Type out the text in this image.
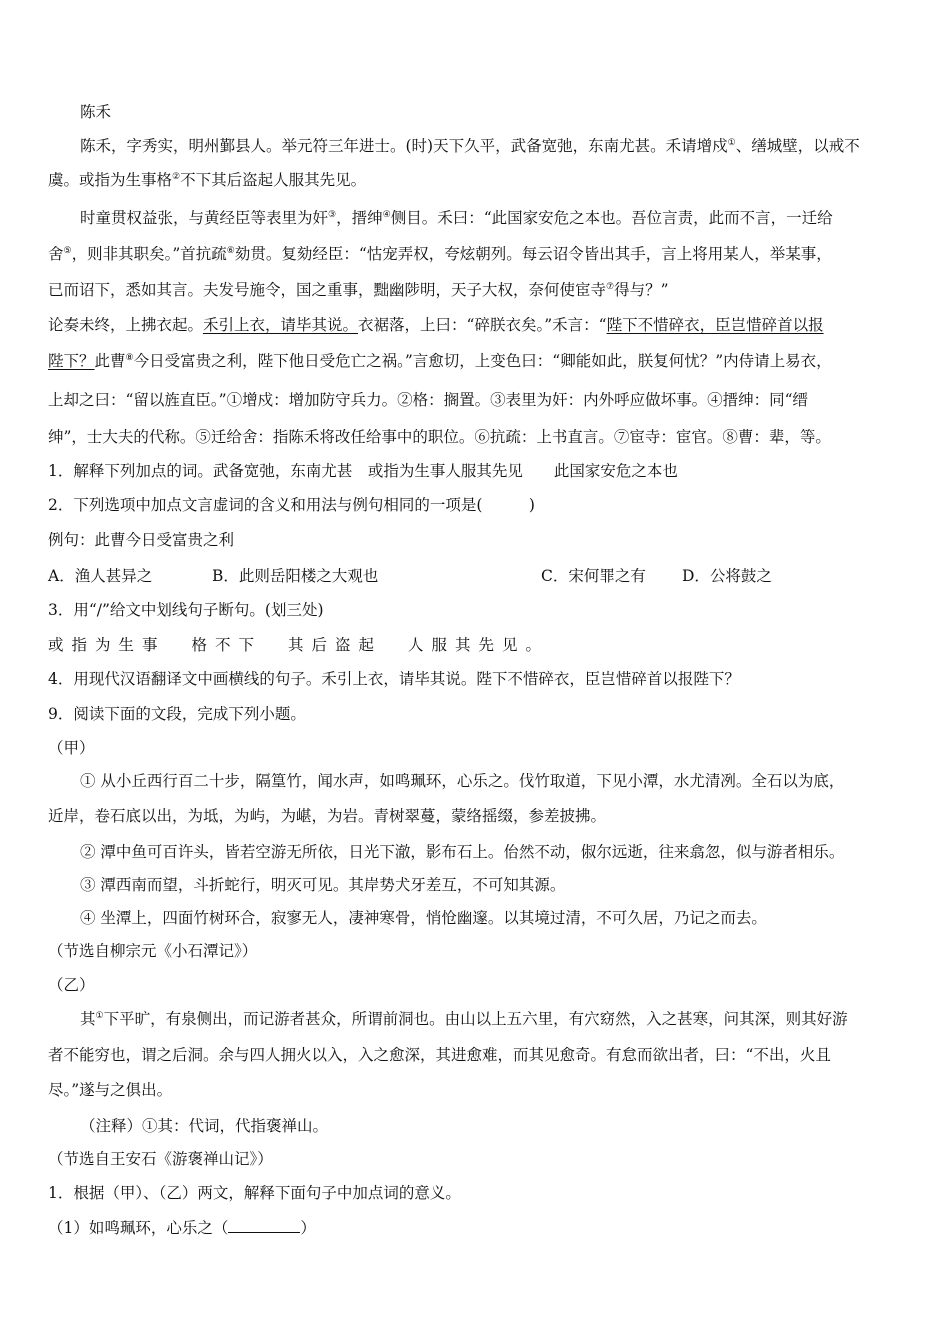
陈禾
陈禾，字秀实，明州鄞县人。举元符三年进士。(时)天下久平，武备宽弛，东南尤甚。禾请增戍①、缮城壁，以戒不
虞。或指为生事格②不下其后盗起人服其先见。
时童贯权益张，与黄经臣等表里为奸③，搢绅④侧目。禾曰：“此国家安危之本也。吾位言责，此而不言，一迁给
舍⑤，则非其职矣。”首抗疏⑥劾贯。复劾经臣：“怙宠弄权，夸炫朝列。每云诏令皆出其手，言上将用某人，举某事，
已而诏下，悉如其言。夫发号施令，国之重事，黜幽陟明，天子大权，奈何使宦寺⑦得与？”
论奏未终，上拂衣起。禾引上衣，请毕其说。衣裾落，上曰：“碎朕衣矣。”禾言：“陛下不惜碎衣，臣岂惜碎首以报
陛下？此曹⑧今日受富贵之利，陛下他日受危亡之祸。”言愈切，上变色曰：“卿能如此，朕复何忧？”内侍请上易衣，
上却之曰：“留以旌直臣。”①增戍：增加防守兵力。②格：搁置。③表里为奸：内外呼应做坏事。④搢绅：同“缙
绅”，士大夫的代称。⑤迁给舍：指陈禾将改任给事中的职位。⑥抗疏：上书直言。⑦宦寺：宦官。⑧曹：辈，等。
1．解释下列加点的词。武备宽弛，东南尤甚　或指为生事人服其先见　　此国家安危之本也
2．下列选项中加点文言虚词的含义和用法与例句相同的一项是(　　　)
例句：此曹今日受富贵之利
A．渔人甚异之	B．此则岳阳楼之大观也	C．宋何罪之有 D．公将鼓之
3．用“/”给文中划线句子断句。(划三处)
或指为生事 格不下 其后盗起 人服其先见。
4．用现代汉语翻译文中画横线的句子。禾引上衣，请毕其说。陛下不惜碎衣，臣岂惜碎首以报陛下？
9．阅读下面的文段，完成下列小题。
（甲）
① 从小丘西行百二十步，隔篁竹，闻水声，如鸣珮环，心乐之。伐竹取道，下见小潭，水尤清冽。全石以为底，
近岸，卷石底以出，为坻，为屿，为嵁，为岩。青树翠蔓，蒙络摇缀，参差披拂。
② 潭中鱼可百许头，皆若空游无所依，日光下澈，影布石上。佁然不动，俶尔远逝，往来翕忽，似与游者相乐。
③ 潭西南而望，斗折蛇行，明灭可见。其岸势犬牙差互，不可知其源。
④ 坐潭上，四面竹树环合，寂寥无人，凄神寒骨，悄怆幽邃。以其境过清，不可久居，乃记之而去。
（节选自柳宗元《小石潭记》）
（乙）
其①下平旷，有泉侧出，而记游者甚众，所谓前洞也。由山以上五六里，有穴窈然，入之甚寒，问其深，则其好游
者不能穷也，谓之后洞。余与四人拥火以入，入之愈深，其进愈难，而其见愈奇。有怠而欲出者，曰：“不出，火且
尽。”遂与之俱出。
（注释）①其：代词，代指褒禅山。
（节选自王安石《游褒禅山记》）
1．根据（甲）、（乙）两文，解释下面句子中加点词的意义。
（1）如鸣珮环，心乐之（	）
